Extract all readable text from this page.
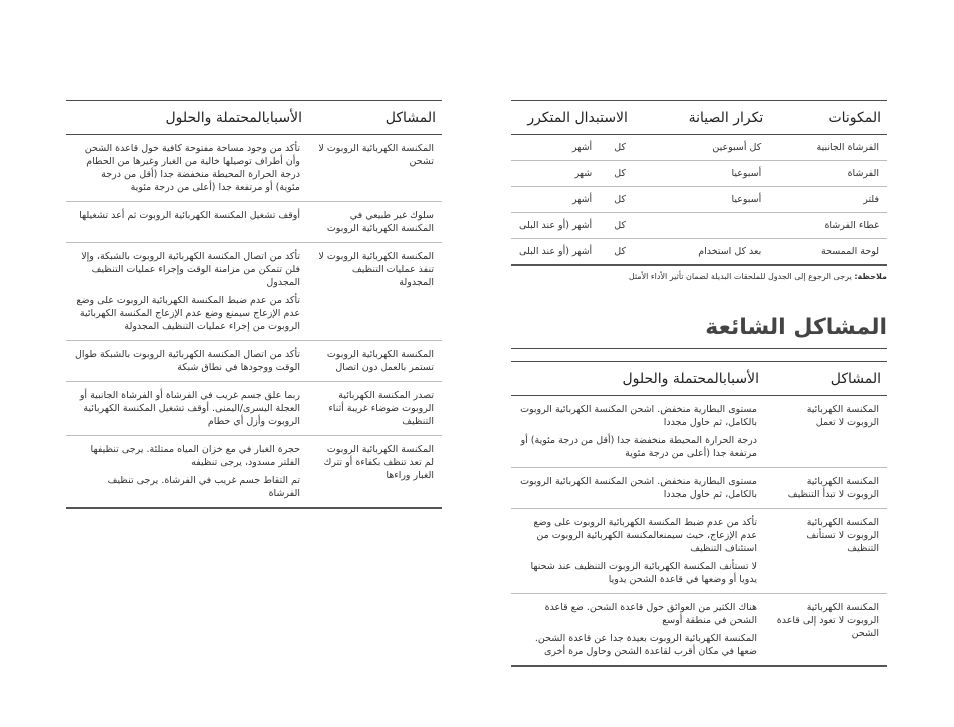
المشاكل	الأسبابالمحتملة والحلول
المكنسة الكهربائية الروبوت لا تشحن	تأكد من وجود مساحة مفتوحة كافية حول قاعدة الشحن وأن أطراف توصيلها خالية من الغبار وغيرها من الحطام درجة الحرارة المحيطة منخفضة جدا (أقل من درجة مئوية) أو مرتفعة جدا (أعلى من درجة مئوية

سلوك غير طبيعي في المكنسة الكهربائية الروبوت	أوقف تشغيل المكنسة الكهربائية الروبوت ثم أعد تشغيلها

المكنسة الكهربائية الروبوت لا تنفذ عمليات التنظيف المجدولة	تأكد من اتصال المكنسة الكهربائية الروبوت بالشبكة، وإلا فلن تتمكن من مزامنة الوقت وإجراء عمليات التنظيف المجدول

تأكد من عدم ضبط المكنسة الكهربائية الروبوت على وضع عدم الإزعاج سيمنع وضع عدم الإزعاج المكنسة الكهربائية الروبوت من إجراء عمليات التنظيف المجدولة

المكنسة الكهربائية الروبوت تستمر بالعمل دون اتصال	تأكد من اتصال المكنسة الكهربائية الروبوت بالشبكة طوال الوقت ووجودها في نطاق شبكة

تصدر المكنسة الكهربائية الروبوت ضوضاء غريبة أثناء التنظيف	ربما علق جسم غريب في الفرشاة أو الفرشاة الجانبية أو العجلة اليسرى/اليمنى. أوقف تشغيل المكنسة الكهربائية الروبوت وأزل أي حطام

المكنسة الكهربائية الروبوت لم تعد تنظف بكفاءة أو تترك الغبار وراءها	حجرة الغبار في مع خزان المياه ممتلئة. يرجى تنظيفها الفلتر مسدود، يرجى تنظيفه

تم التقاط جسم غريب في الفرشاة. يرجى تنظيف الفرشاة

المكونات	تكرار الصيانة	الاستبدال المتكرر
الفرشاة الجانبية	كل أسبوعين	كلأشهر
الفرشاة	أسبوعيا	كلشهر
فلتر	أسبوعيا	كلأشهر
غطاء الفرشاة		كلأشهر (أو عند البلى
لوحة الممسحة	بعد كل استخدام	كلأشهر (أو عند البلى
ملاحظة: يرجى الرجوع إلى الجدول للملحقات البديلة لضمان تأثير الأداء الأمثل
المشاكل الشائعة
المشاكل	الأسبابالمحتملة والحلول
المكنسة الكهربائية الروبوت لا تعمل	مستوى البطارية منخفض. اشحن المكنسة الكهربائية الروبوت بالكامل، ثم حاول مجددا

درجة الحرارة المحيطة منخفضة جدا (أقل من درجة مئوية) أو مرتفعة جدا (أعلى من درجة مئوية

المكنسة الكهربائية الروبوت لا تبدأ التنظيف	مستوى البطارية منخفض. اشحن المكنسة الكهربائية الروبوت بالكامل، ثم حاول مجددا

المكنسة الكهربائية الروبوت لا تستأنف التنظيف	تأكد من عدم ضبط المكنسة الكهربائية الروبوت على وضع عدم الإزعاج، حيث سيمنعالمكنسة الكهربائية الروبوت من استئناف التنظيف

لا تستأنف المكنسة الكهربائية الروبوت التنظيف عند شحنها يدويا أو وضعها في قاعدة الشحن يدويا

المكنسة الكهربائية الروبوت لا تعود إلى قاعدة الشحن	هناك الكثير من العوائق حول قاعدة الشحن. ضع قاعدة الشحن في منطقة أوسع

المكنسة الكهربائية الروبوت بعيدة جدا عن قاعدة الشحن. ضعها في مكان أقرب لقاعدة الشحن وحاول مرة أخرى
